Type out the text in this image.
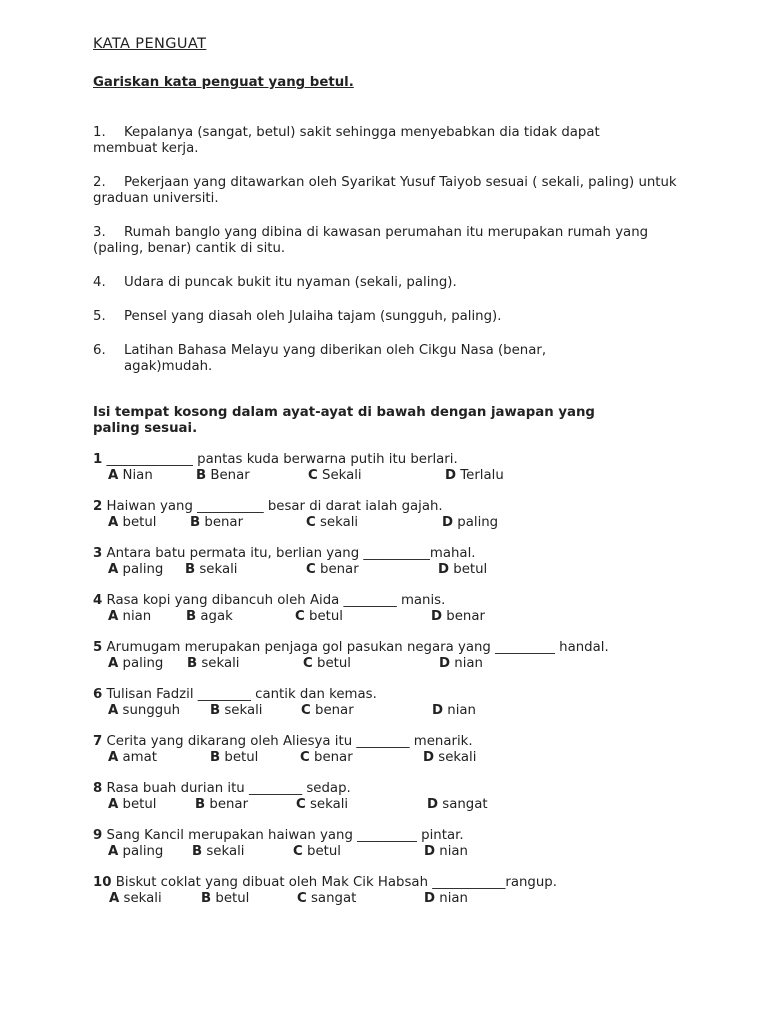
KATA PENGUAT
Gariskan kata penguat yang betul.
1. Kepalanya (sangat, betul) sakit sehingga menyebabkan dia tidak dapat membuat kerja.
2. Pekerjaan yang ditawarkan oleh Syarikat Yusuf Taiyob sesuai ( sekali, paling) untuk graduan universiti.
3. Rumah banglo yang dibina di kawasan perumahan itu merupakan rumah yang (paling, benar) cantik di situ.
4. Udara di puncak bukit itu nyaman (sekali, paling).
5. Pensel yang diasah oleh Julaiha tajam (sungguh, paling).
6.	Latihan Bahasa Melayu yang diberikan oleh Cikgu Nasa (benar, agak)mudah.
Isi tempat kosong dalam ayat-ayat di bawah dengan jawapan yang paling sesuai.
1 _____________ pantas kuda berwarna putih itu berlari.
A Nian	B Benar	C Sekali	D Terlalu
2 Haiwan yang __________ besar di darat ialah gajah.
A betul	B benar	C sekali	D paling
3 Antara batu permata itu, berlian yang __________mahal.
A paling B sekali	C benar	D betul
4 Rasa kopi yang dibancuh oleh Aida ________ manis.
A nian	B agak	C betul	D benar
5 Arumugam merupakan penjaga gol pasukan negara yang _________ handal.
A paling B sekali	C betul	D nian
6 Tulisan Fadzil ________ cantik dan kemas.
A sungguh B sekali	C benar	D nian
7 Cerita yang dikarang oleh Aliesya itu ________ menarik.
A amat	B betul	C benar	D sekali
8 Rasa buah durian itu ________ sedap.
A betul	B benar	C sekali	D sangat
9 Sang Kancil merupakan haiwan yang _________ pintar.
A paling B sekali	C betul	D nian
10 Biskut coklat yang dibuat oleh Mak Cik Habsah ___________rangup.
A sekali	B betul	C sangat	D nian
